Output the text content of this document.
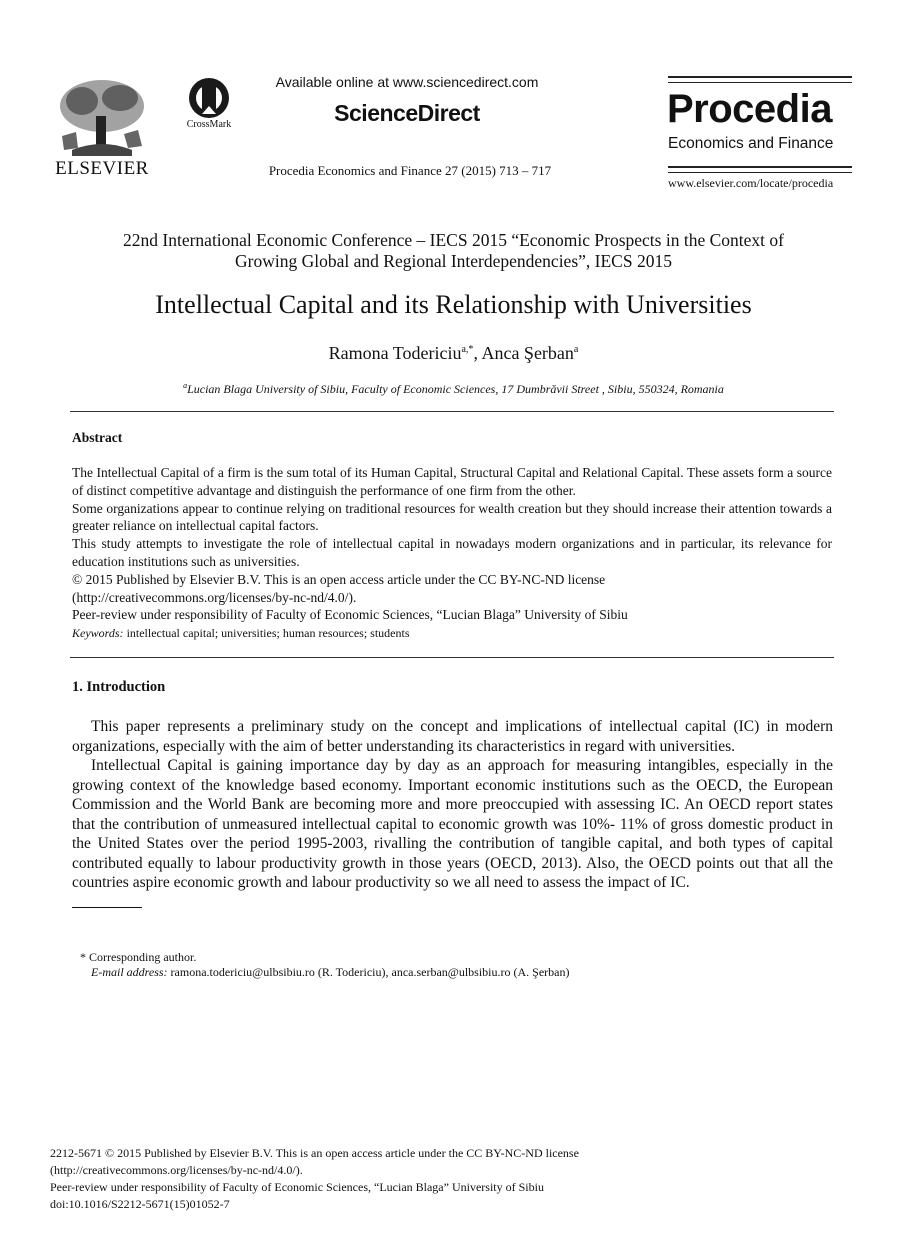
ELSEVIER
CrossMark
Available online at www.sciencedirect.com
ScienceDirect
Procedia Economics and Finance 27 (2015) 713 – 717
Procedia
Economics and Finance
www.elsevier.com/locate/procedia
22nd International Economic Conference – IECS 2015 “Economic Prospects in the Context of
Growing Global and Regional Interdependencies”, IECS 2015
Intellectual Capital and its Relationship with Universities
Ramona Todericiu$^{a,*}$, Anca Şerban$^a$
$^a$Lucian Blaga University of Sibiu, Faculty of Economic Sciences, 17 Dumbrăvii Street , Sibiu, 550324, Romania
Abstract

The Intellectual Capital of a firm is the sum total of its Human Capital, Structural Capital and Relational Capital. These assets form a source of distinct competitive advantage and distinguish the performance of one firm from the other.

Some organizations appear to continue relying on traditional resources for wealth creation but they should increase their attention towards a greater reliance on intellectual capital factors.

This study attempts to investigate the role of intellectual capital in nowadays modern organizations and in particular, its relevance for education institutions such as universities.

© 2015 Published by Elsevier B.V. This is an open access article under the CC BY-NC-ND license

(http://creativecommons.org/licenses/by-nc-nd/4.0/).

Peer-review under responsibility of Faculty of Economic Sciences, “Lucian Blaga” University of Sibiu

Keywords: intellectual capital; universities; human resources; students

1. Introduction

This paper represents a preliminary study on the concept and implications of intellectual capital (IC) in modern organizations, especially with the aim of better understanding its characteristics in regard with universities.

Intellectual Capital is gaining importance day by day as an approach for measuring intangibles, especially in the growing context of the knowledge based economy. Important economic institutions such as the OECD, the European Commission and the World Bank are becoming more and more preoccupied with assessing IC. An OECD report states that the contribution of unmeasured intellectual capital to economic growth was 10%- 11% of gross domestic product in the United States over the period 1995-2003, rivalling the contribution of tangible capital, and both types of capital contributed equally to labour productivity growth in those years (OECD, 2013). Also, the OECD points out that all the countries aspire economic growth and labour productivity so we all need to assess the impact of IC.

* Corresponding author.

E-mail address: ramona.todericiu@ulbsibiu.ro (R. Todericiu), anca.serban@ulbsibiu.ro (A. Şerban)

2212-5671 © 2015 Published by Elsevier B.V. This is an open access article under the CC BY-NC-ND license

(http://creativecommons.org/licenses/by-nc-nd/4.0/).

Peer-review under responsibility of Faculty of Economic Sciences, “Lucian Blaga” University of Sibiu

doi:10.1016/S2212-5671(15)01052-7
